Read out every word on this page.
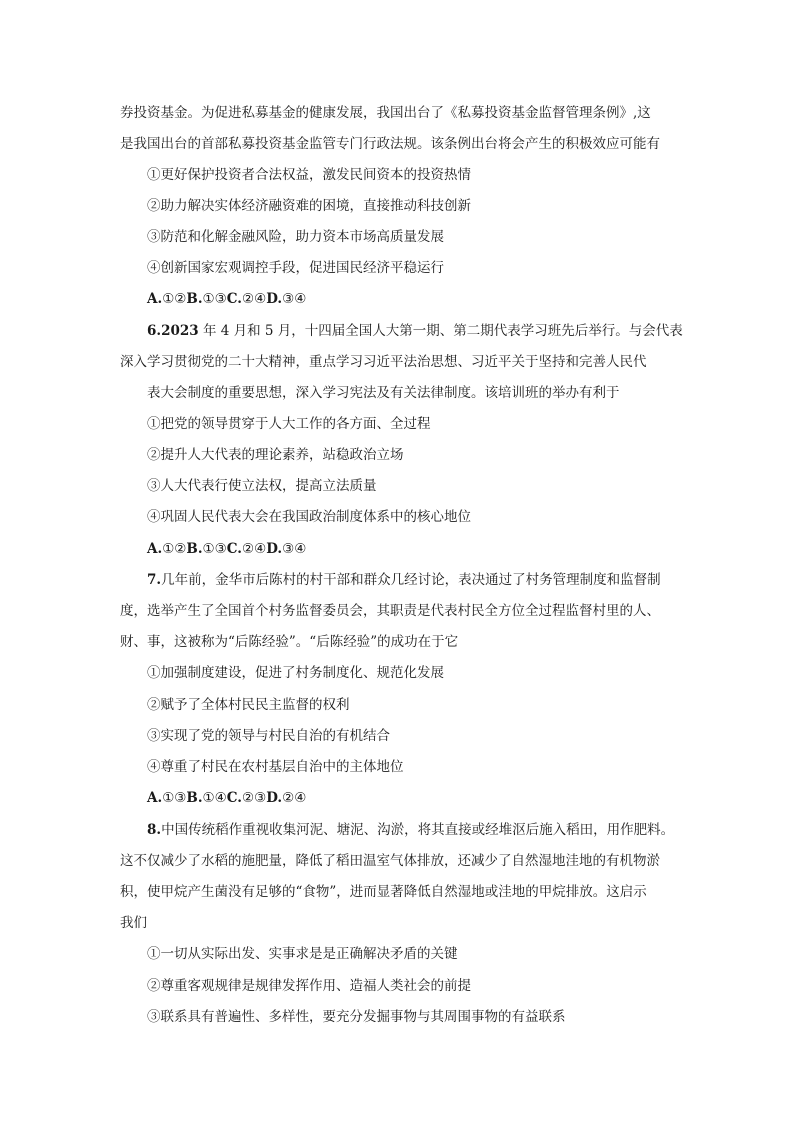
券投资基金。为促进私募基金的健康发展，我国出台了《私募投资基金监督管理条例》,这
是我国出台的首部私募投资基金监管专门行政法规。该条例出台将会产生的积极效应可能有
①更好保护投资者合法权益，激发民间资本的投资热情
②助力解决实体经济融资难的困境，直接推动科技创新
③防范和化解金融风险，助力资本市场高质量发展
④创新国家宏观调控手段，促进国民经济平稳运行
A.①②B.①③C.②④D.③④
6.2023 年 4 月和 5 月，十四届全国人大第一期、第二期代表学习班先后举行。与会代表
深入学习贯彻党的二十大精神，重点学习习近平法治思想、习近平关于坚持和完善人民代
表大会制度的重要思想，深入学习宪法及有关法律制度。该培训班的举办有利于
①把党的领导贯穿于人大工作的各方面、全过程
②提升人大代表的理论素养，站稳政治立场
③人大代表行使立法权，提高立法质量
④巩固人民代表大会在我国政治制度体系中的核心地位
A.①②B.①③C.②④D.③④
7.几年前，金华市后陈村的村干部和群众几经讨论，表决通过了村务管理制度和监督制
度，选举产生了全国首个村务监督委员会，其职责是代表村民全方位全过程监督村里的人、
财、事，这被称为“后陈经验”。“后陈经验”的成功在于它
①加强制度建设，促进了村务制度化、规范化发展
②赋予了全体村民民主监督的权利
③实现了党的领导与村民自治的有机结合
④尊重了村民在农村基层自治中的主体地位
A.①③B.①④C.②③D.②④
8.中国传统稻作重视收集河泥、塘泥、沟淤，将其直接或经堆沤后施入稻田，用作肥料。
这不仅减少了水稻的施肥量，降低了稻田温室气体排放，还减少了自然湿地洼地的有机物淤
积，使甲烷产生菌没有足够的“食物”，进而显著降低自然湿地或洼地的甲烷排放。这启示
我们
①一切从实际出发、实事求是是正确解决矛盾的关键
②尊重客观规律是规律发挥作用、造福人类社会的前提
③联系具有普遍性、多样性，要充分发掘事物与其周围事物的有益联系
